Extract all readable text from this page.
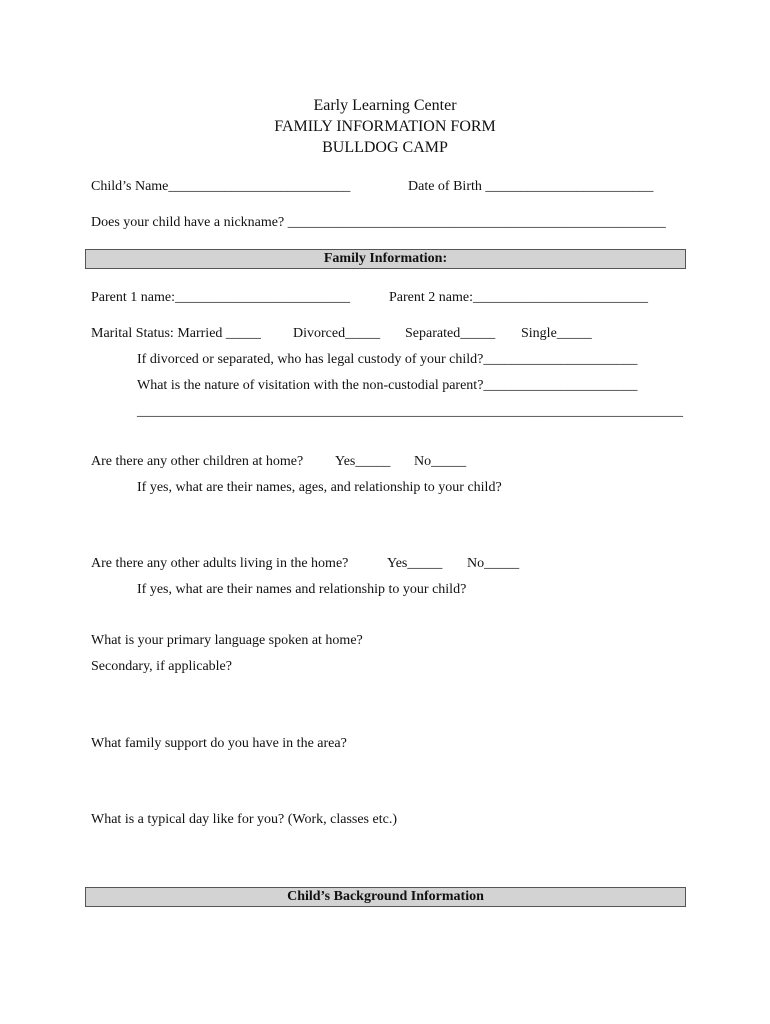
Early Learning Center

FAMILY INFORMATION FORM

BULLDOG CAMP

Child’s Name__________________________	Date of Birth ________________________

Does your child have a nickname? ______________________________________________________

Family Information:

Parent 1 name:_________________________	Parent 2 name:_________________________

Marital Status: Married _____ Divorced_____ Separated_____ Single_____

If divorced or separated, who has legal custody of your child?______________________

What is the nature of visitation with the non-custodial parent?______________________

______________________________________________________________________________

Are there any other children at home? Yes_____ No_____

If yes, what are their names, ages, and relationship to your child?

Are there any other adults living in the home?	Yes_____ No_____

If yes, what are their names and relationship to your child?

What is your primary language spoken at home?

Secondary, if applicable?

What family support do you have in the area?

What is a typical day like for you? (Work, classes etc.)

Child’s Background Information
